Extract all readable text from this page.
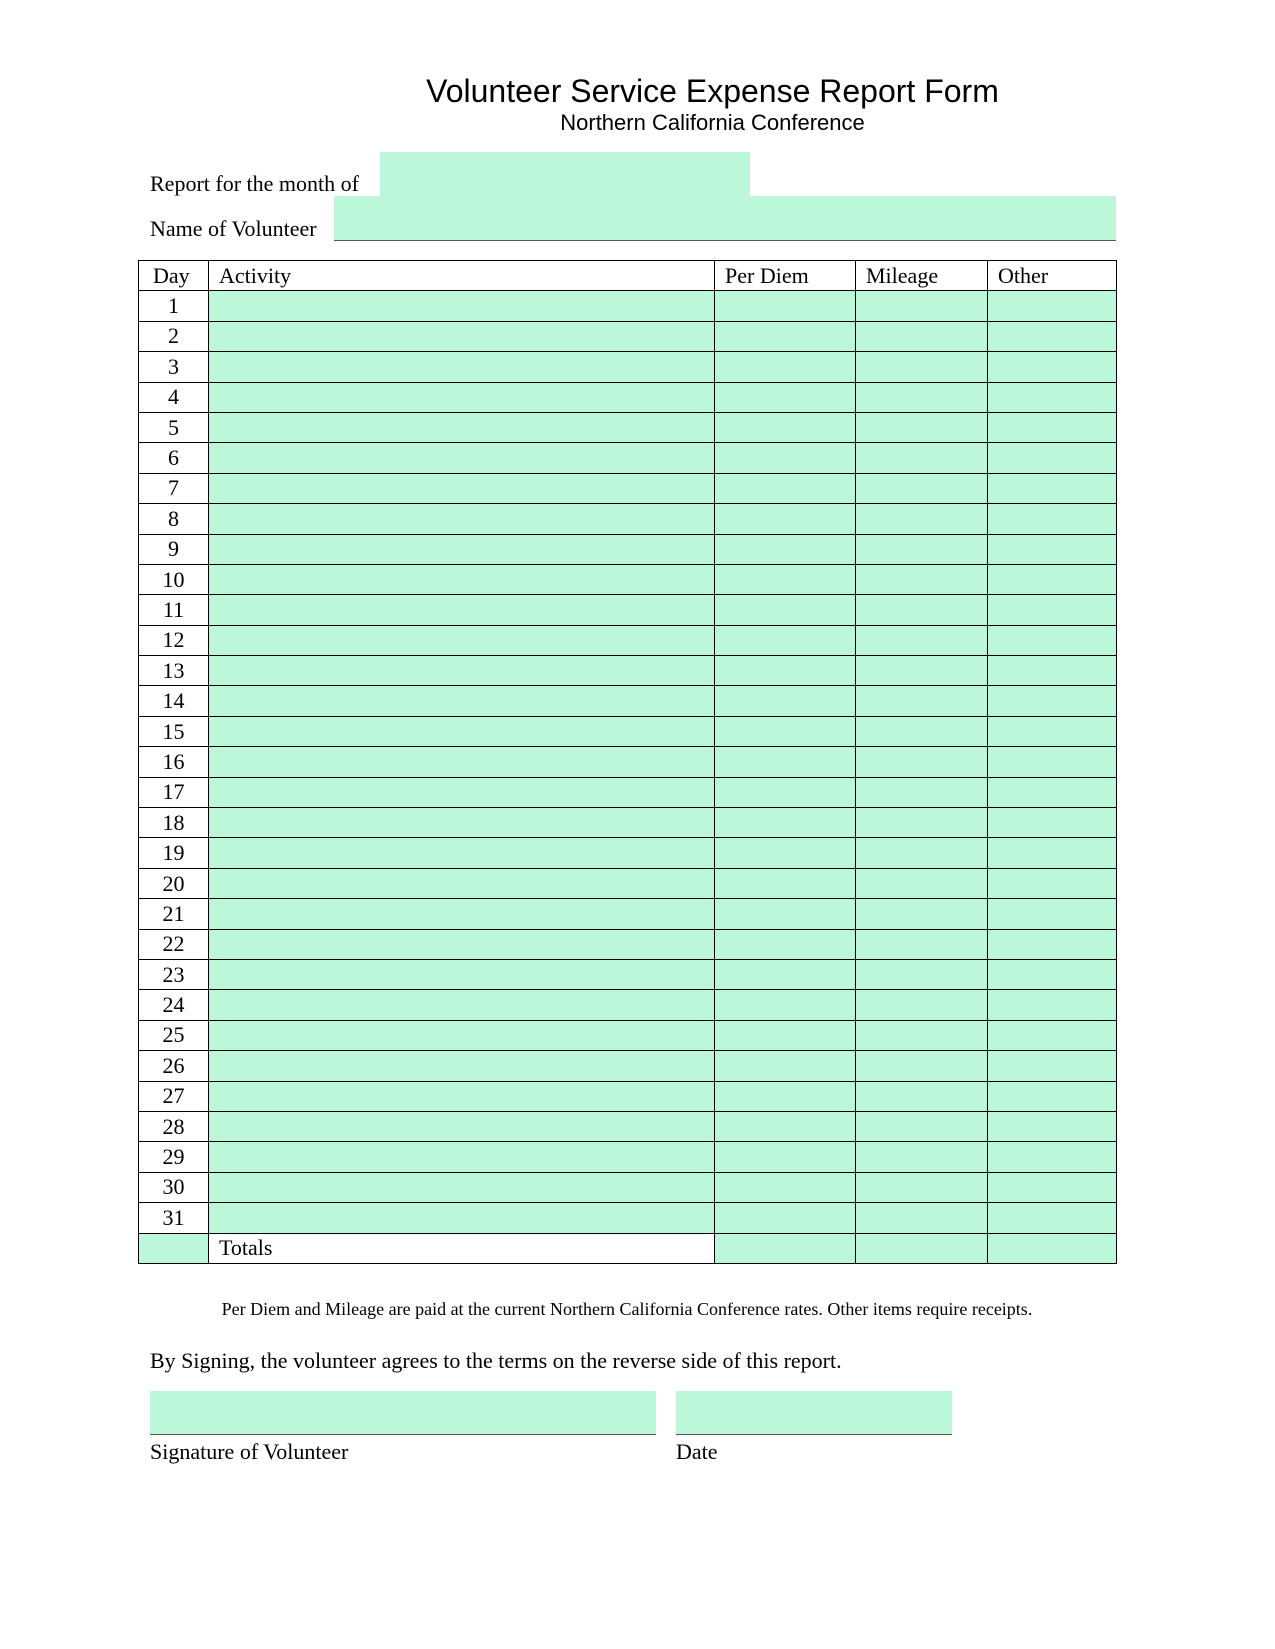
Volunteer Service Expense Report Form
Northern California Conference
Report for the month of
Name of Volunteer
Day	Activity	Per Diem	Mileage	Other
1				
2				
3				
4				
5				
6				
7				
8				
9				
10				
11				
12				
13				
14				
15				
16				
17				
18				
19				
20				
21				
22				
23				
24				
25				
26				
27				
28				
29				
30				
31				
	Totals			
Per Diem and Mileage are paid at the current Northern California Conference rates. Other items require receipts.
By Signing, the volunteer agrees to the terms on the reverse side of this report.
Signature of Volunteer	Date
